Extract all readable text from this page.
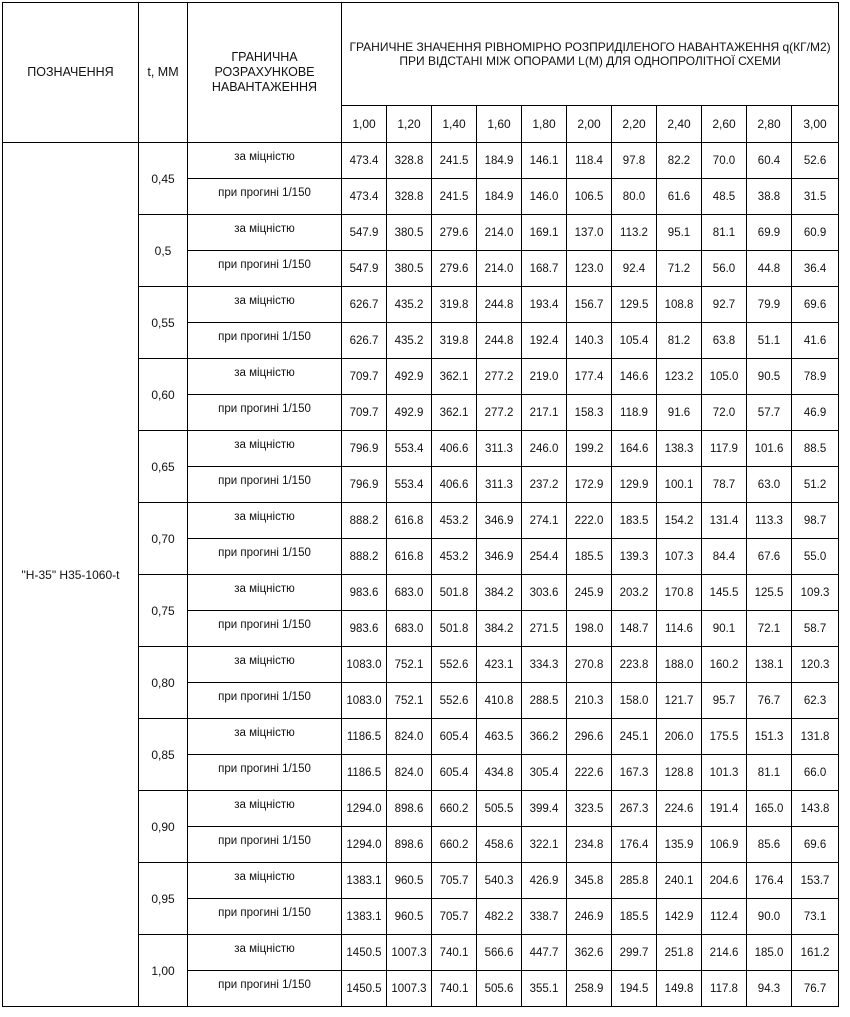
ПОЗНАЧЕННЯ	t, ММ	ГРАНИЧНА РОЗРАХУНКОВЕ НАВАНТАЖЕННЯ	ГРАНИЧНЕ ЗНАЧЕННЯ РІВНОМІРНО РОЗПРИДІЛЕНОГО НАВАНТАЖЕННЯ q(КГ/М2) ПРИ ВІДСТАНІ МІЖ ОПОРАМИ L(М) ДЛЯ ОДНОПРОЛІТНОЇ СХЕМИ										
			1,00	1,20	1,40	1,60	1,80	2,00	2,20	2,40	2,60	2,80	3,00
"Н-35" Н35-1060-t	0,45	за міцністю	473.4	328.8	241.5	184.9	146.1	118.4	97.8	82.2	70.0	60.4	52.6
		при прогині 1/150	473.4	328.8	241.5	184.9	146.0	106.5	80.0	61.6	48.5	38.8	31.5
	0,5	за міцністю	547.9	380.5	279.6	214.0	169.1	137.0	113.2	95.1	81.1	69.9	60.9
		при прогині 1/150	547.9	380.5	279.6	214.0	168.7	123.0	92.4	71.2	56.0	44.8	36.4
	0,55	за міцністю	626.7	435.2	319.8	244.8	193.4	156.7	129.5	108.8	92.7	79.9	69.6
		при прогині 1/150	626.7	435.2	319.8	244.8	192.4	140.3	105.4	81.2	63.8	51.1	41.6
	0,60	за міцністю	709.7	492.9	362.1	277.2	219.0	177.4	146.6	123.2	105.0	90.5	78.9
		при прогині 1/150	709.7	492.9	362.1	277.2	217.1	158.3	118.9	91.6	72.0	57.7	46.9
	0,65	за міцністю	796.9	553.4	406.6	311.3	246.0	199.2	164.6	138.3	117.9	101.6	88.5
		при прогині 1/150	796.9	553.4	406.6	311.3	237.2	172.9	129.9	100.1	78.7	63.0	51.2
	0,70	за міцністю	888.2	616.8	453.2	346.9	274.1	222.0	183.5	154.2	131.4	113.3	98.7
		при прогині 1/150	888.2	616.8	453.2	346.9	254.4	185.5	139.3	107.3	84.4	67.6	55.0
	0,75	за міцністю	983.6	683.0	501.8	384.2	303.6	245.9	203.2	170.8	145.5	125.5	109.3
		при прогині 1/150	983.6	683.0	501.8	384.2	271.5	198.0	148.7	114.6	90.1	72.1	58.7
	0,80	за міцністю	1083.0	752.1	552.6	423.1	334.3	270.8	223.8	188.0	160.2	138.1	120.3
		при прогині 1/150	1083.0	752.1	552.6	410.8	288.5	210.3	158.0	121.7	95.7	76.7	62.3
	0,85	за міцністю	1186.5	824.0	605.4	463.5	366.2	296.6	245.1	206.0	175.5	151.3	131.8
		при прогині 1/150	1186.5	824.0	605.4	434.8	305.4	222.6	167.3	128.8	101.3	81.1	66.0
	0,90	за міцністю	1294.0	898.6	660.2	505.5	399.4	323.5	267.3	224.6	191.4	165.0	143.8
		при прогині 1/150	1294.0	898.6	660.2	458.6	322.1	234.8	176.4	135.9	106.9	85.6	69.6
	0,95	за міцністю	1383.1	960.5	705.7	540.3	426.9	345.8	285.8	240.1	204.6	176.4	153.7
		при прогині 1/150	1383.1	960.5	705.7	482.2	338.7	246.9	185.5	142.9	112.4	90.0	73.1
	1,00	за міцністю	1450.5	1007.3	740.1	566.6	447.7	362.6	299.7	251.8	214.6	185.0	161.2
		при прогині 1/150	1450.5	1007.3	740.1	505.6	355.1	258.9	194.5	149.8	117.8	94.3	76.7
